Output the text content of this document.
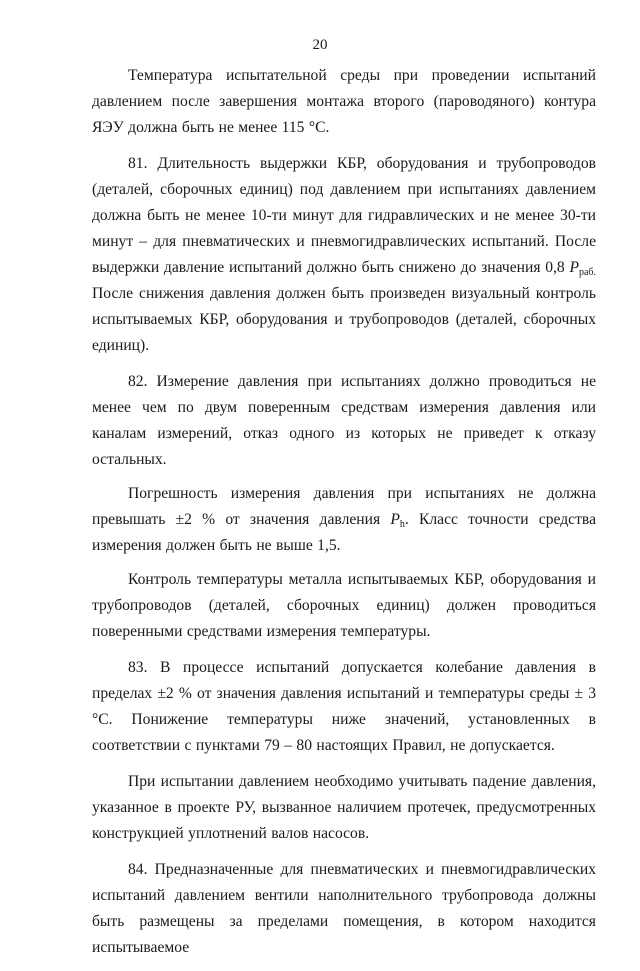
20

Температура испытательной среды при проведении испытаний давлением после завершения монтажа второго (пароводяного) контура ЯЭУ должна быть не менее 115 °С.

81. Длительность выдержки КБР, оборудования и трубопроводов (деталей, сборочных единиц) под давлением при испытаниях давлением должна быть не менее 10-ти минут для гидравлических и не менее 30-ти минут – для пневматических и пневмогидравлических испытаний. После выдержки давление испытаний должно быть снижено до значения 0,8 $P_{раб.}$ После снижения давления должен быть произведен визуальный контроль испытываемых КБР, оборудования и трубопроводов (деталей, сборочных единиц).

82. Измерение давления при испытаниях должно проводиться не менее чем по двум поверенным средствам измерения давления или каналам измерений, отказ одного из которых не приведет к отказу остальных.

Погрешность измерения давления при испытаниях не должна превышать ±2 % от значения давления $P_h$. Класс точности средства измерения должен быть не выше 1,5.

Контроль температуры металла испытываемых КБР, оборудования и трубопроводов (деталей, сборочных единиц) должен проводиться поверенными средствами измерения температуры.

83. В процессе испытаний допускается колебание давления в пределах ±2 % от значения давления испытаний и температуры среды ± 3 °С. Понижение температуры ниже значений, установленных в соответствии с пунктами 79 – 80 настоящих Правил, не допускается.

При испытании давлением необходимо учитывать падение давления, указанное в проекте РУ, вызванное наличием протечек, предусмотренных конструкцией уплотнений валов насосов.

84. Предназначенные для пневматических и пневмогидравлических испытаний давлением вентили наполнительного трубопровода должны быть размещены за пределами помещения, в котором находится испытываемое
